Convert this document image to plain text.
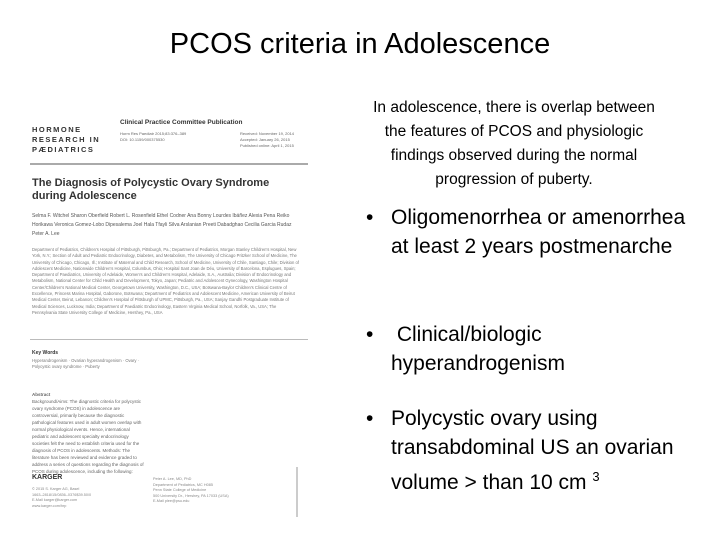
PCOS criteria in Adolescence
HORMONE
RESEARCH IN
PÆDIATRICS
Clinical Practice Committee Publication
Horm Res Paediatr 2015;83:376–389
DOI: 10.1159/000375530
Received: November 19, 2014
Accepted: January 26, 2015
Published online: April 1, 2015
The Diagnosis of Polycystic Ovary Syndrome during Adolescence
Selma F. Witchel Sharon Oberfield Robert L. Rosenfield Ethel Codner Ana Bonny Lourdes Ibáñez Alexia Pena Reiko Horikawa Veronica Gomez-Lobo Dipesalema Joel Hala Tfayli Silva Arslanian Preeti Dabadghao Cecilia Garcia Rudaz Peter A. Lee
Department of Pediatrics, Children's Hospital of Pittsburgh, Pittsburgh, Pa.; Department of Pediatrics, Morgan Stanley Children's Hospital, New York, N.Y.; Section of Adult and Pediatric Endocrinology, Diabetes, and Metabolism, The University of Chicago Pritzker School of Medicine, The University of Chicago, Chicago, Ill.; Institute of Maternal and Child Research, School of Medicine, University of Chile, Santiago, Chile; Division of Adolescent Medicine, Nationwide Children's Hospital, Columbus, Ohio; Hospital Sant Joan de Déu, University of Barcelona, Esplugues, Spain; Department of Paediatrics, University of Adelaide, Women's and Children's Hospital, Adelaide, S.A., Australia; Division of Endocrinology and Metabolism, National Center for Child Health and Development, Tokyo, Japan; Pediatric and Adolescent Gynecology, Washington Hospital Center/Children's National Medical Center, Georgetown University, Washington, D.C., USA; Botswana-Baylor Children's Clinical Centre of Excellence, Princess Marina Hospital, Gaborone, Botswana; Department of Pediatrics and Adolescent Medicine, American University of Beirut Medical Center, Beirut, Lebanon; Children's Hospital of Pittsburgh of UPMC, Pittsburgh, Pa., USA; Sanjay Gandhi Postgraduate Institute of Medical Sciences, Lucknow, India; Department of Paediatric Endocrinology, Eastern Virginia Medical School, Norfolk, Va., USA; The Pennsylvania State University College of Medicine, Hershey, Pa., USA
Key Words
Hyperandrogenism · Ovarian hyperandrogenism · Ovary · Polycystic ovary syndrome · Puberty
Abstract
Background/Aims: The diagnostic criteria for polycystic ovary syndrome (PCOS) in adolescence are controversial, primarily because the diagnostic pathological features used in adult women overlap with normal physiological events. Hence, international pediatric and adolescent specialty endocrinology societies felt the need to establish criteria used for the diagnosis of PCOS in adolescents. Methods: The literature has been reviewed and evidence graded to address a series of questions regarding the diagnosis of PCOS during adolescence, including the following:
KARGER
© 2015 S. Karger AG, Basel
1663–2818/15/0836–0376$39.50/0
E-Mail karger@karger.com
www.karger.com/hrp
Peter A. Lee, MD, PhD
Department of Pediatrics, MC H085
Penn State College of Medicine
500 University Dr., Hershey, PA 17033 (USA)
E-Mail plee@psu.edu
In adolescence, there is overlap between the features of PCOS and physiologic findings observed during the normal progression of puberty.
• Oligomenorrhea or amenorrhea at least 2 years postmenarche
• Clinical/biologic hyperandrogenism
• Polycystic ovary using transabdominal US an ovarian volume > than 10 cm $^3$
